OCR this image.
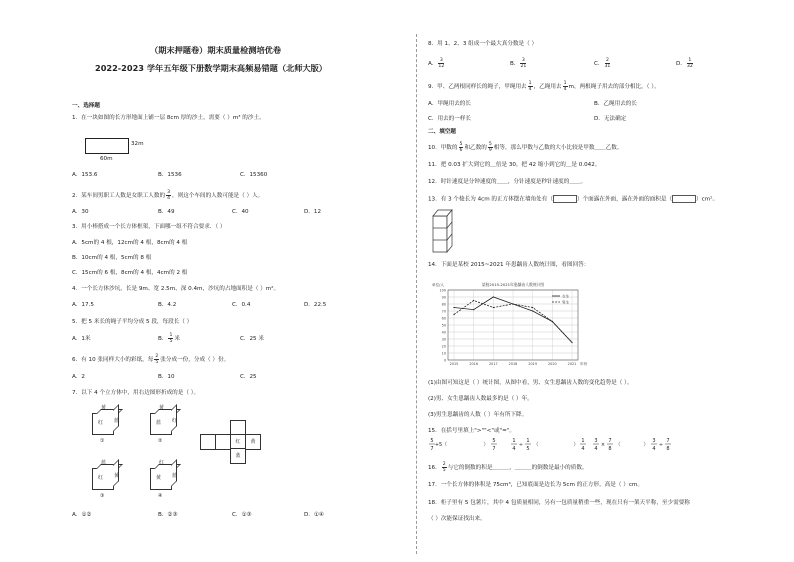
（期末押题卷）期末质量检测培优卷
2022-2023 学年五年级下册数学期末高频易错题（北师大版）
一、选择题
1．在一块如图的长方形地面上铺一层 8cm 厚的沙土，需要（ ）m³ 的沙土。
32m
60m
A．153.6	B．1536	C．15360
2．某车间男职工人数是女职工人数的 $\frac{3}{4}$ ，则这个车间的人数可能是（ ）人。
A．30	B．49	C．40	D．12
3．用小棒搭成一个长方体框架，下面哪一组不符合要求．（ ）
A．5cm的 4 根，12cm的 4 根，8cm的 4 根
B．10cm的 4 根，5cm的 8 根
C．15cm的 6 根，8cm的 4 根，4cm的 2 根
4．一个长方体沙坑，长是 9m、宽 2.5m、深 0.4m，沙坑的占地面积是（ ）m²。
A．17.5	B．4.2	C．0.4	D．22.5
5．把 5 米长的绳子平均分成 5 段，每段长（ ）
A．1米	B． $\frac{1}{5}$ 米	C．25 米
6．有 10 张同样大小的彩纸，每 $\frac{2}{5}$ 张分成一份，分成（ ）份。
A．2	B．10	C．25
7．以下 4 个立方体中，用右边图形折成的是（ ）。
黄
红 蓝
①
黄
蓝 红
②
蓝
红 黄
③
红
黄 蓝
④
红	黄
蓝
A．①②	B．②③	C．①③	D．①④
8．用 1、2、3 组成一个最大真分数是（ ）
A． $\frac{3}{12}$	B． $\frac{3}{21}$	C． $\frac{2}{31}$	D． $\frac{1}{32}$
9．甲、乙两根同样长的绳子，甲绳用去 $\frac{1}{4}$ ，乙绳用去 $\frac{1}{4}$ m，两根绳子用去的部分相比，（ ）。
A．甲绳用去的长	B．乙绳用去的长
C．用去的一样长	D．无法确定
二、填空题
10．甲数的 $\frac{5}{6}$ 和乙数的 $\frac{5}{9}$ 相等，那么甲数与乙数的大小比较是甲数＿＿乙数。
11．把 0.03 扩大到它的＿倍是 30，把 42 缩小到它的＿是 0.042。
12．时针速度是分钟速度的＿＿，分针速度是秒针速度的＿＿。
13．有 3 个棱长为 4cm 的正方体摆在墙角处有（	）个面露在外面，露在外面的面积是（	）cm²。
14．下面是某校 2015~2021 年患龋齿人数统计图，看图回答：
0
10
20
30
40
50
60
70
80
90
100
2015	2016	2017	2018	2019	2020	2021
某校2015-2021年患龋齿人数统计图
单位/人
年份
女生
男生
(1)由图可知这是（ ）统计图，从图中看，男、女生患龋齿人数的变化趋势是（ ）。
(2)男、女生患龋齿人数最多的是（ ）年。
(3)男生患龋齿的人数（ ）年有所下降。
15．在括号里填上">""<"或"="。
5
7
+5（	）
5
7
1
4
÷
1
5
（	）
1
4
3
4
×
7
8
（	）
3
4
÷
7
8
16． $\frac{2}{5}$ 与它的倒数的积是＿＿＿，＿＿＿的倒数是最小的质数。
17．一个长方体的体积是 75cm³，已知底面是边长为 5cm 的正方形，高是（ ）cm。
18．柜子里有 5 包薯片，其中 4 包质量相同，另有一包质量稍重一些，现在只有一架天平称，至少需要称
（ ）次能保证找出来。
